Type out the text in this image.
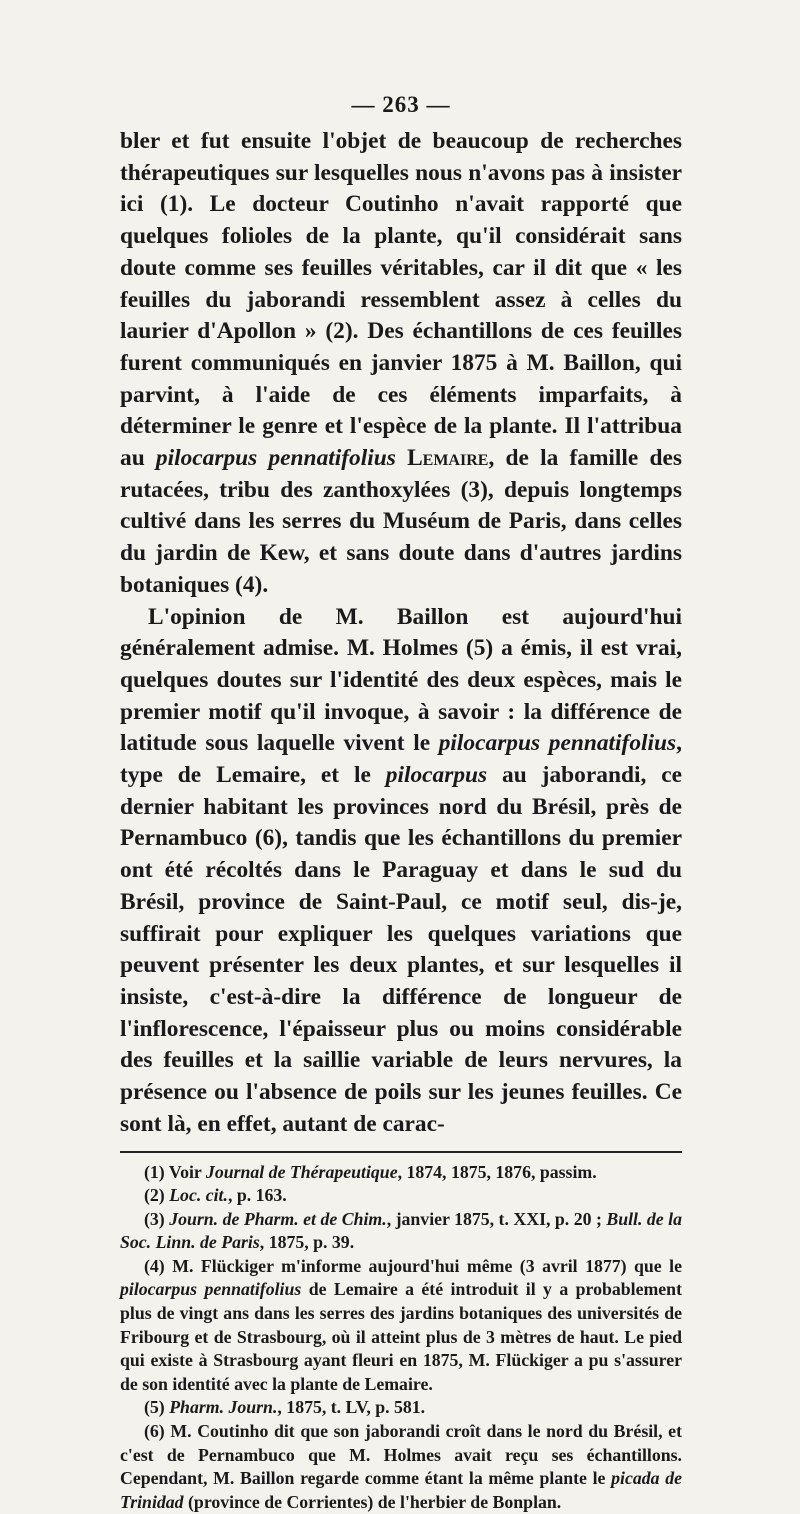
— 263 —

bler et fut ensuite l'objet de beaucoup de recherches thérapeutiques sur lesquelles nous n'avons pas à insister ici (1). Le docteur Coutinho n'avait rapporté que quelques folioles de la plante, qu'il considérait sans doute comme ses feuilles véritables, car il dit que « les feuilles du jaborandi ressemblent assez à celles du laurier d'Apollon » (2). Des échantillons de ces feuilles furent communiqués en janvier 1875 à M. Baillon, qui parvint, à l'aide de ces éléments imparfaits, à déterminer le genre et l'espèce de la plante. Il l'attribua au pilocarpus pennatifolius Lemaire, de la famille des rutacées, tribu des zanthoxylées (3), depuis longtemps cultivé dans les serres du Muséum de Paris, dans celles du jardin de Kew, et sans doute dans d'autres jardins botaniques (4).

L'opinion de M. Baillon est aujourd'hui généralement admise. M. Holmes (5) a émis, il est vrai, quelques doutes sur l'identité des deux espèces, mais le premier motif qu'il invoque, à savoir : la différence de latitude sous laquelle vivent le pilocarpus pennatifolius, type de Lemaire, et le pilocarpus au jaborandi, ce dernier habitant les provinces nord du Brésil, près de Pernambuco (6), tandis que les échantillons du premier ont été récoltés dans le Paraguay et dans le sud du Brésil, province de Saint-Paul, ce motif seul, dis-je, suffirait pour expliquer les quelques variations que peuvent présenter les deux plantes, et sur lesquelles il insiste, c'est-à-dire la différence de longueur de l'inflorescence, l'épaisseur plus ou moins considérable des feuilles et la saillie variable de leurs nervures, la présence ou l'absence de poils sur les jeunes feuilles. Ce sont là, en effet, autant de carac-

(1) Voir Journal de Thérapeutique, 1874, 1875, 1876, passim.

(2) Loc. cit., p. 163.

(3) Journ. de Pharm. et de Chim., janvier 1875, t. XXI, p. 20 ; Bull. de la Soc. Linn. de Paris, 1875, p. 39.

(4) M. Flückiger m'informe aujourd'hui même (3 avril 1877) que le pilocarpus pennatifolius de Lemaire a été introduit il y a probablement plus de vingt ans dans les serres des jardins botaniques des universités de Fribourg et de Strasbourg, où il atteint plus de 3 mètres de haut. Le pied qui existe à Strasbourg ayant fleuri en 1875, M. Flückiger a pu s'assurer de son identité avec la plante de Lemaire.

(5) Pharm. Journ., 1875, t. LV, p. 581.

(6) M. Coutinho dit que son jaborandi croît dans le nord du Brésil, et c'est de Pernambuco que M. Holmes avait reçu ses échantillons. Cependant, M. Baillon regarde comme étant la même plante le picada de Trinidad (province de Corrientes) de l'herbier de Bonplan.
